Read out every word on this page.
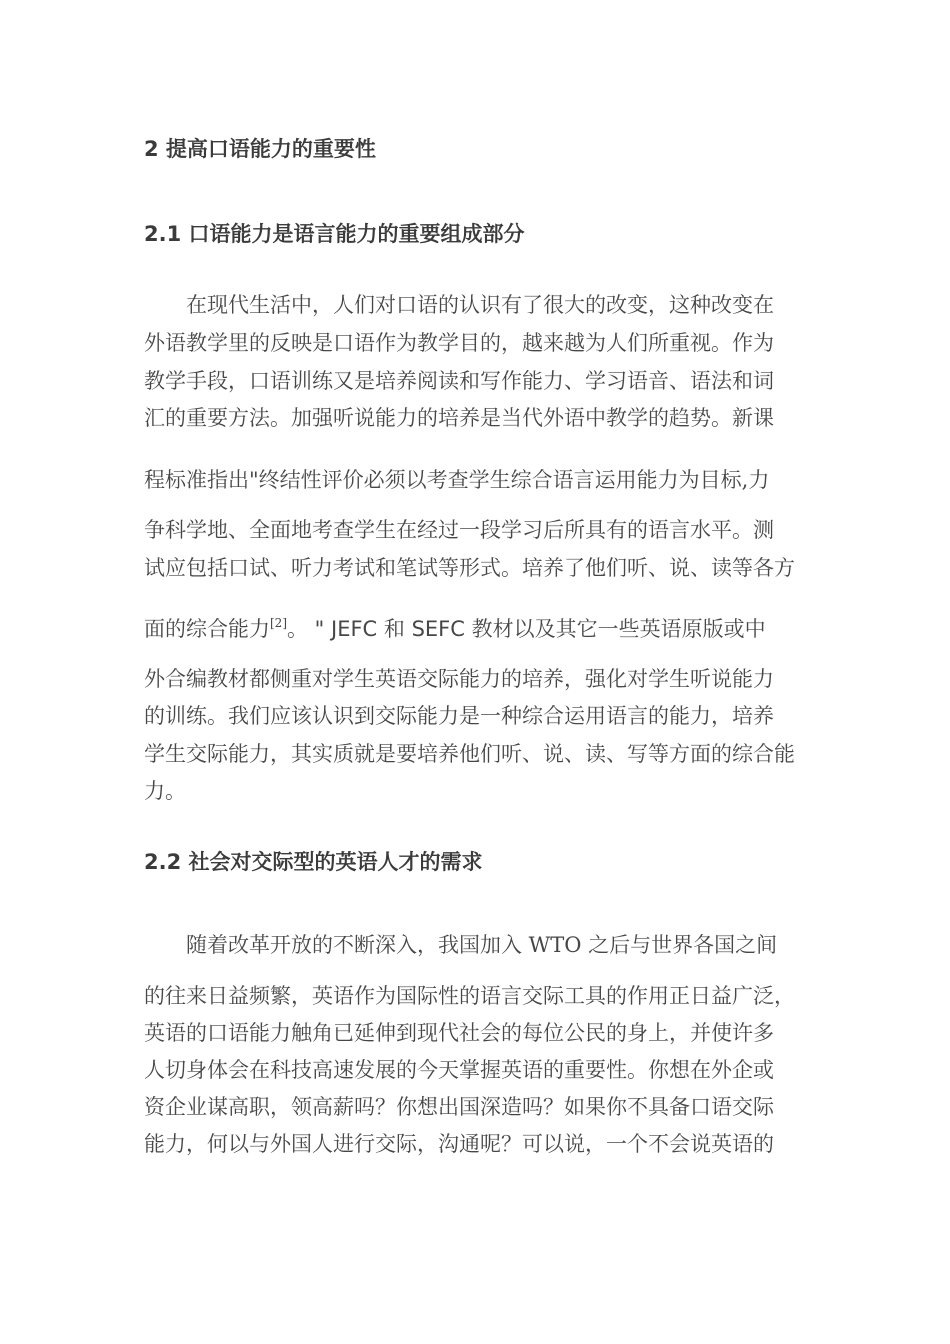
2 提高口语能力的重要性
2.1 口语能力是语言能力的重要组成部分

　　在现代生活中，人们对口语的认识有了很大的改变，这种改变在

外语教学里的反映是口语作为教学目的，越来越为人们所重视。作为

教学手段，口语训练又是培养阅读和写作能力、学习语音、语法和词

汇的重要方法。加强听说能力的培养是当代外语中教学的趋势。新课

程标准指出"终结性评价必须以考查学生综合语言运用能力为目标,力

争科学地、全面地考查学生在经过一段学习后所具有的语言水平。测

试应包括口试、听力考试和笔试等形式。培养了他们听、说、读等各方

面的综合能力[2]。 " JEFC 和 SEFC 教材以及其它一些英语原版或中

外合编教材都侧重对学生英语交际能力的培养，强化对学生听说能力

的训练。我们应该认识到交际能力是一种综合运用语言的能力，培养

学生交际能力，其实质就是要培养他们听、说、读、写等方面的综合能

力。

2.2 社会对交际型的英语人才的需求

　　随着改革开放的不断深入，我国加入 WTO 之后与世界各国之间

的往来日益频繁，英语作为国际性的语言交际工具的作用正日益广泛，

英语的口语能力触角已延伸到现代社会的每位公民的身上，并使许多

人切身体会在科技高速发展的今天掌握英语的重要性。你想在外企或

资企业谋高职，领高薪吗？你想出国深造吗？如果你不具备口语交际

能力，何以与外国人进行交际，沟通呢？可以说，一个不会说英语的
